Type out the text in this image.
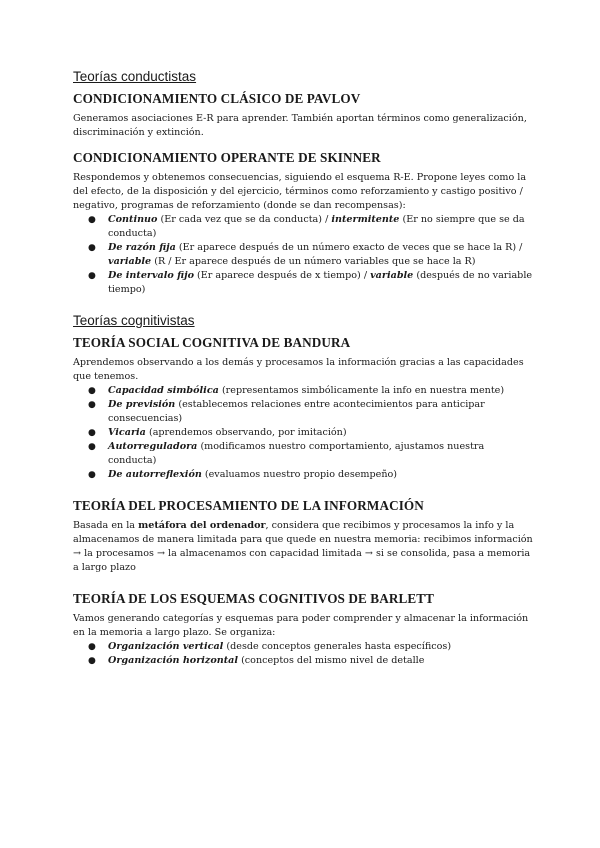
Teorías conductistas
CONDICIONAMIENTO CLÁSICO DE PAVLOV

Generamos asociaciones E-R para aprender. También aportan términos como generalización, discriminación y extinción.

CONDICIONAMIENTO OPERANTE DE SKINNER

Respondemos y obtenemos consecuencias, siguiendo el esquema R-E. Propone leyes como la del efecto, de la disposición y del ejercicio, términos como reforzamiento y castigo positivo / negativo, programas de reforzamiento (donde se dan recompensas):

● Continuo (Er cada vez que se da conducta) / intermitente (Er no siempre que se da conducta)
● De razón fija (Er aparece después de un número exacto de veces que se hace la R) / variable (R / Er aparece después de un número variables que se hace la R)
● De intervalo fijo (Er aparece después de x tiempo) / variable (después de no variable tiempo)
Teorías cognitivistas
TEORÍA SOCIAL COGNITIVA DE BANDURA

Aprendemos observando a los demás y procesamos la información gracias a las capacidades que tenemos.

● Capacidad simbólica (representamos simbólicamente la info en nuestra mente)
● De previsión (establecemos relaciones entre acontecimientos para anticipar consecuencias)
● Vicaria (aprendemos observando, por imitación)
● Autorreguladora (modificamos nuestro comportamiento, ajustamos nuestra conducta)
● De autorreflexión (evaluamos nuestro propio desempeño)
TEORÍA DEL PROCESAMIENTO DE LA INFORMACIÓN

Basada en la metáfora del ordenador, considera que recibimos y procesamos la info y la almacenamos de manera limitada para que quede en nuestra memoria: recibimos información → la procesamos → la almacenamos con capacidad limitada → si se consolida, pasa a memoria a largo plazo

TEORÍA DE LOS ESQUEMAS COGNITIVOS DE BARLETT

Vamos generando categorías y esquemas para poder comprender y almacenar la información en la memoria a largo plazo. Se organiza:

● Organización vertical (desde conceptos generales hasta específicos)
● Organización horizontal (conceptos del mismo nivel de detalle
